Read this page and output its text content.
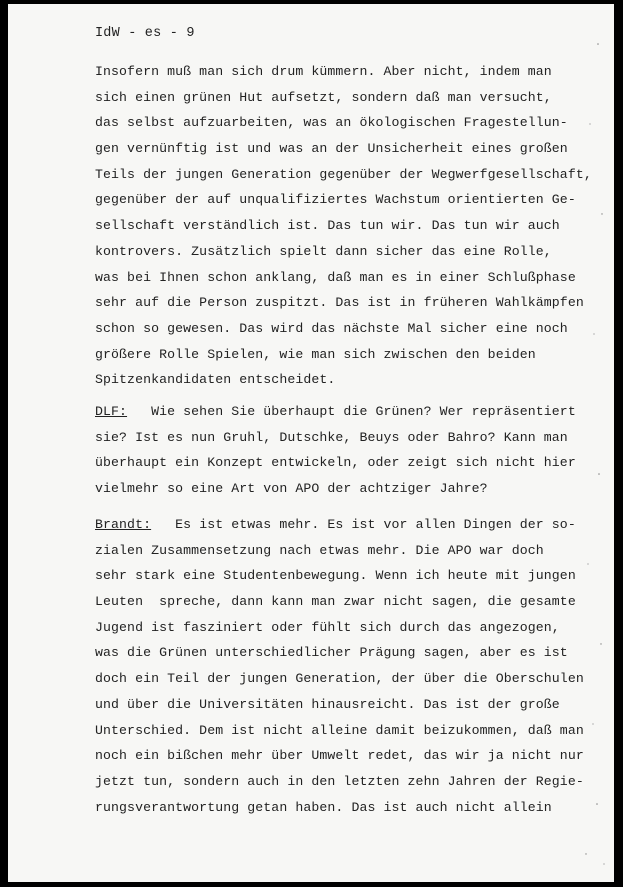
IdW - es - 9
Insofern muß man sich drum kümmern. Aber nicht, indem man
sich einen grünen Hut aufsetzt, sondern daß man versucht,
das selbst aufzuarbeiten, was an ökologischen Fragestellun-
gen vernünftig ist und was an der Unsicherheit eines großen
Teils der jungen Generation gegenüber der Wegwerfgesellschaft,
gegenüber der auf unqualifiziertes Wachstum orientierten Ge-
sellschaft verständlich ist. Das tun wir. Das tun wir auch
kontrovers. Zusätzlich spielt dann sicher das eine Rolle,
was bei Ihnen schon anklang, daß man es in einer Schlußphase
sehr auf die Person zuspitzt. Das ist in früheren Wahlkämpfen
schon so gewesen. Das wird das nächste Mal sicher eine noch
größere Rolle Spielen, wie man sich zwischen den beiden
Spitzenkandidaten entscheidet.
DLF:   Wie sehen Sie überhaupt die Grünen? Wer repräsentiert
sie? Ist es nun Gruhl, Dutschke, Beuys oder Bahro? Kann man
überhaupt ein Konzept entwickeln, oder zeigt sich nicht hier
vielmehr so eine Art von APO der achtziger Jahre?
Brandt:   Es ist etwas mehr. Es ist vor allen Dingen der so-
zialen Zusammensetzung nach etwas mehr. Die APO war doch
sehr stark eine Studentenbewegung. Wenn ich heute mit jungen
Leuten  spreche, dann kann man zwar nicht sagen, die gesamte
Jugend ist fasziniert oder fühlt sich durch das angezogen,
was die Grünen unterschiedlicher Prägung sagen, aber es ist
doch ein Teil der jungen Generation, der über die Oberschulen
und über die Universitäten hinausreicht. Das ist der große
Unterschied. Dem ist nicht alleine damit beizukommen, daß man
noch ein bißchen mehr über Umwelt redet, das wir ja nicht nur
jetzt tun, sondern auch in den letzten zehn Jahren der Regie-
rungsverantwortung getan haben. Das ist auch nicht allein
